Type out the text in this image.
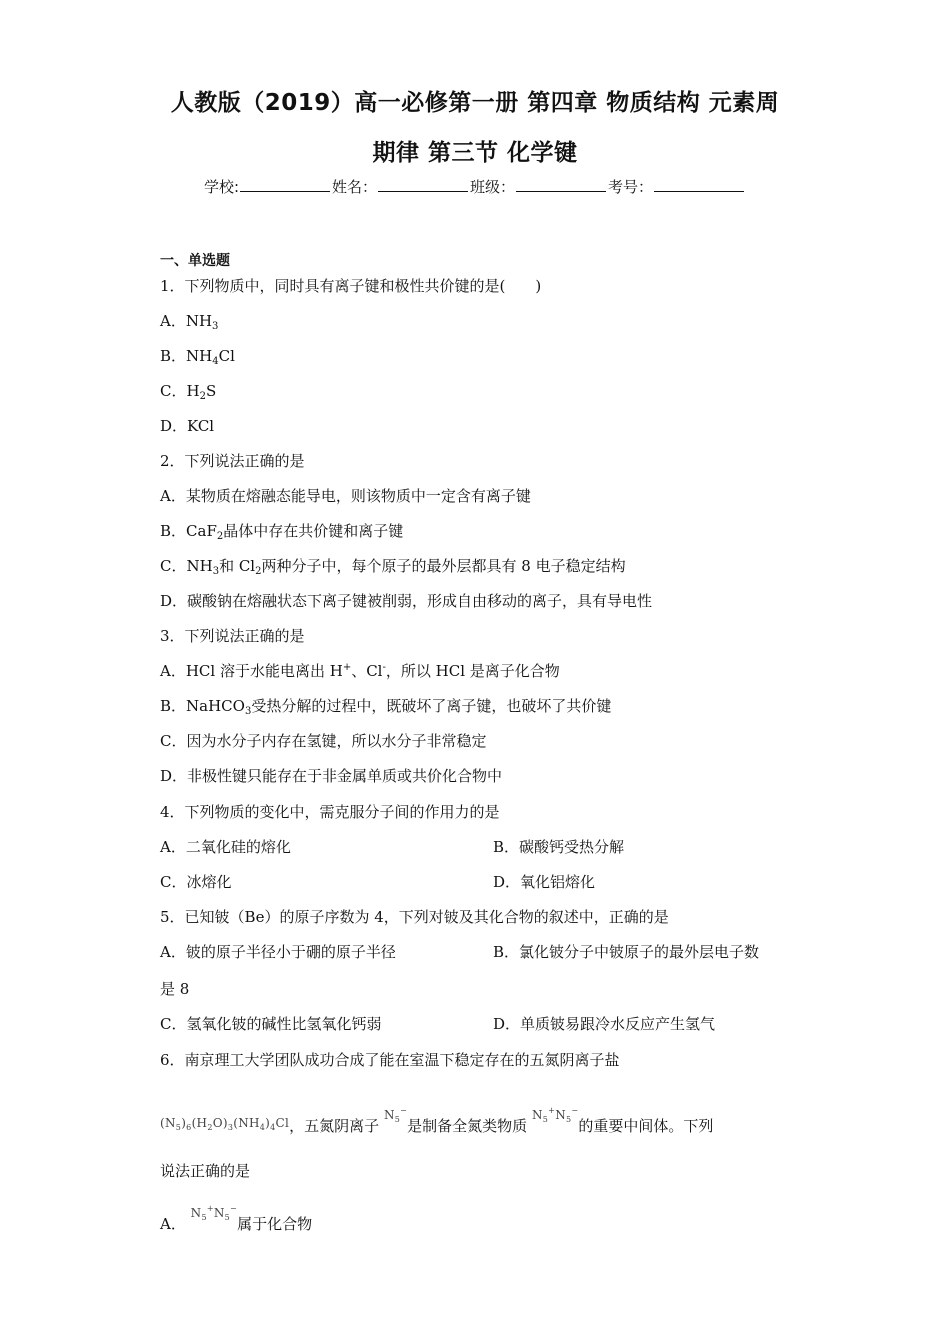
人教版（2019）高一必修第一册 第四章 物质结构 元素周
期律 第三节 化学键
学校:	姓名：	班级：	考号：
一、单选题
1．下列物质中，同时具有离子键和极性共价键的是(　　)
A．$NH_3$
B．$NH_4Cl$
C．$H_2S$
D．KCl
2．下列说法正确的是
A．某物质在熔融态能导电，则该物质中一定含有离子键
B．CaF$_2$晶体中存在共价键和离子键
C．$NH_3$和 $Cl_2$两种分子中，每个原子的最外层都具有 8 电子稳定结构
D．碳酸钠在熔融状态下离子键被削弱，形成自由移动的离子，具有导电性
3．下列说法正确的是
A．HCl 溶于水能电离出 H+、Cl-，所以 HCl 是离子化合物
B．NaHCO$_3$受热分解的过程中，既破坏了离子键，也破坏了共价键
C．因为水分子内存在氢键，所以水分子非常稳定
D．非极性键只能存在于非金属单质或共价化合物中
4．下列物质的变化中，需克服分子间的作用力的是
A．二氧化硅的熔化	B．碳酸钙受热分解
C．冰熔化	D．氧化铝熔化
5．已知铍（Be）的原子序数为 4，下列对铍及其化合物的叙述中，正确的是
A．铍的原子半径小于硼的原子半径	B．氯化铍分子中铍原子的最外层电子数
是 8
C．氢氧化铍的碱性比氢氧化钙弱	D．单质铍易跟冷水反应产生氢气
6．南京理工大学团队成功合成了能在室温下稳定存在的五氮阴离子盐
$(N_5)_6(H_2O)_3(NH_4)_4Cl$，五氮阴离子 $N_5^-$是制备全氮类物质 $N_5^+N_5^-$的重要中间体。下列
说法正确的是
A． $N_5^+N_5^-$属于化合物
